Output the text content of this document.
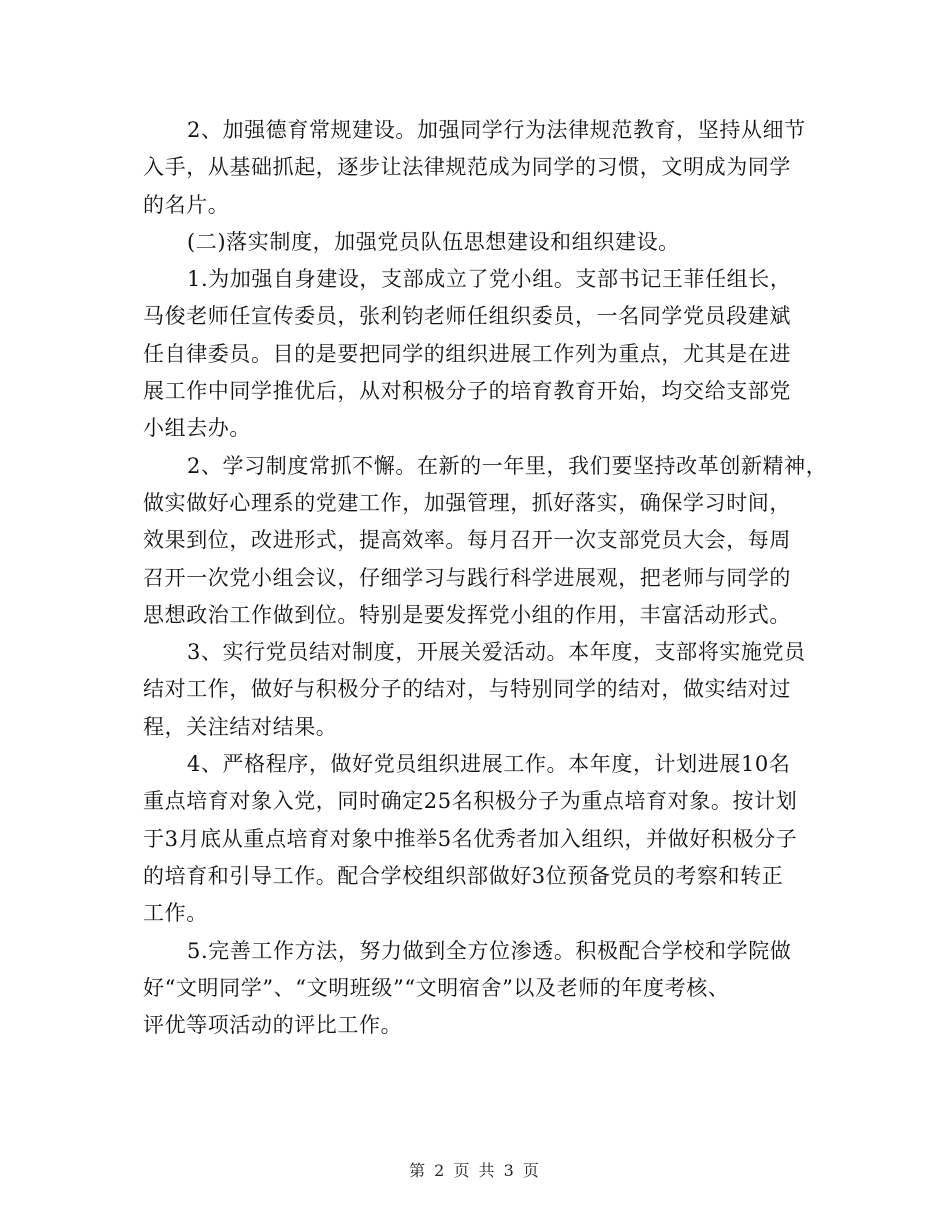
2、加强德育常规建设。加强同学行为法律规范教育，坚持从细节
入手，从基础抓起，逐步让法律规范成为同学的习惯，文明成为同学
的名片。
(二)落实制度，加强党员队伍思想建设和组织建设。
1.为加强自身建设，支部成立了党小组。支部书记王菲任组长，
马俊老师任宣传委员，张利钧老师任组织委员，一名同学党员段建斌
任自律委员。目的是要把同学的组织进展工作列为重点，尤其是在进
展工作中同学推优后，从对积极分子的培育教育开始，均交给支部党
小组去办。
2、学习制度常抓不懈。在新的一年里，我们要坚持改革创新精神，
做实做好心理系的党建工作，加强管理，抓好落实，确保学习时间，
效果到位，改进形式，提高效率。每月召开一次支部党员大会，每周
召开一次党小组会议，仔细学习与践行科学进展观，把老师与同学的
思想政治工作做到位。特别是要发挥党小组的作用，丰富活动形式。
3、实行党员结对制度，开展关爱活动。本年度，支部将实施党员
结对工作，做好与积极分子的结对，与特别同学的结对，做实结对过
程，关注结对结果。
4、严格程序，做好党员组织进展工作。本年度，计划进展10名
重点培育对象入党，同时确定25名积极分子为重点培育对象。按计划
于3月底从重点培育对象中推举5名优秀者加入组织，并做好积极分子
的培育和引导工作。配合学校组织部做好3位预备党员的考察和转正
工作。
5.完善工作方法，努力做到全方位渗透。积极配合学校和学院做
好“文明同学”、“文明班级”“文明宿舍”以及老师的年度考核、
评优等项活动的评比工作。
第 2 页 共 3 页
